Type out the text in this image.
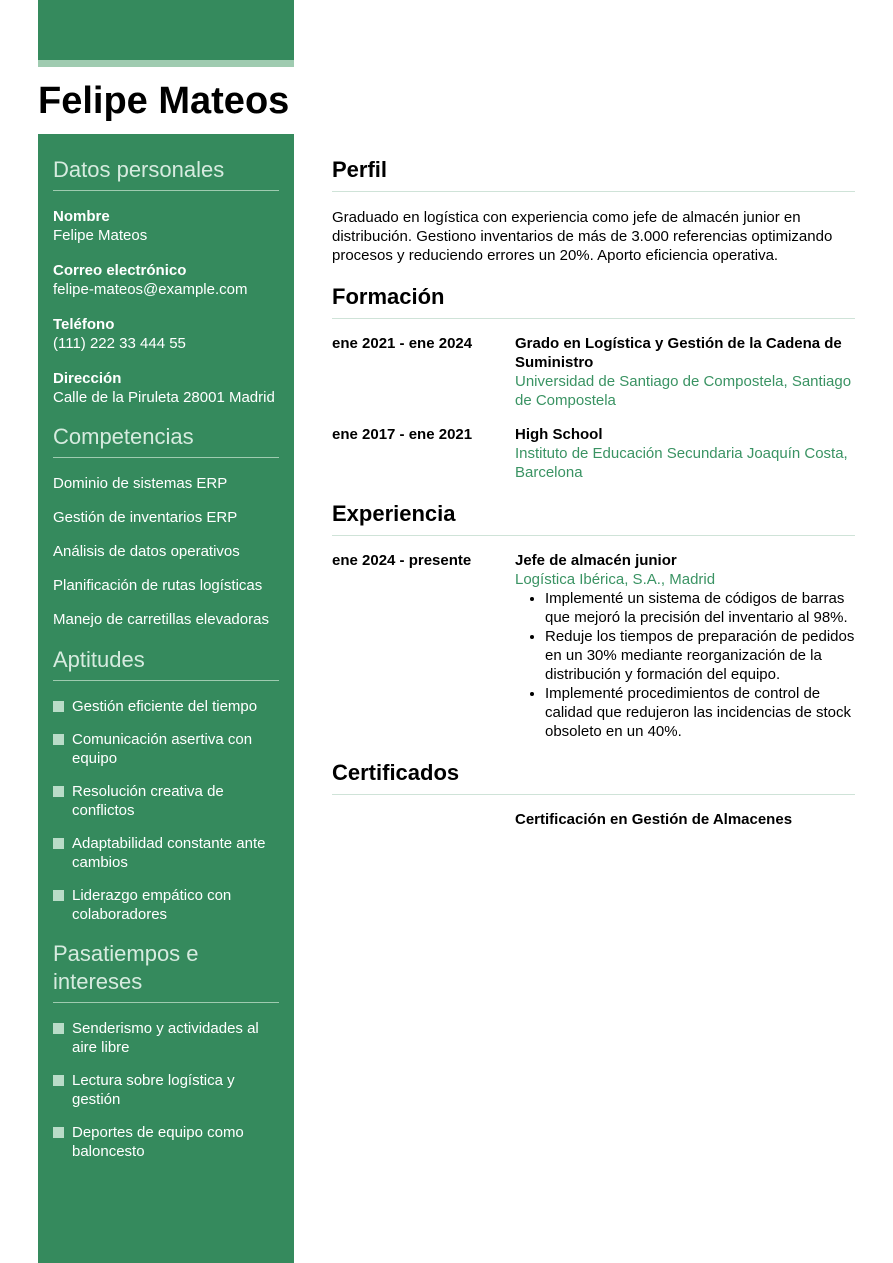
Felipe Mateos
Datos personales
Nombre
Felipe Mateos
Correo electrónico
felipe-mateos@example.com
Teléfono
(111) 222 33 444 55
Dirección
Calle de la Piruleta 28001 Madrid
Competencias
Dominio de sistemas ERP
Gestión de inventarios ERP
Análisis de datos operativos
Planificación de rutas logísticas
Manejo de carretillas elevadoras
Aptitudes
Gestión eficiente del tiempo
Comunicación asertiva con equipo
Resolución creativa de conflictos
Adaptabilidad constante ante cambios
Liderazgo empático con colaboradores
Pasatiempos e intereses
Senderismo y actividades al aire libre
Lectura sobre logística y gestión
Deportes de equipo como baloncesto
Perfil

Graduado en logística con experiencia como jefe de almacén junior en distribución. Gestiono inventarios de más de 3.000 referencias optimizando procesos y reduciendo errores un 20%. Aporto eficiencia operativa.

Formación
ene 2021 - ene 2024	Grado en Logística y Gestión de la Cadena de Suministro
Universidad de Santiago de Compostela, Santiago de Compostela
ene 2017 - ene 2021	High School
Instituto de Educación Secundaria Joaquín Costa, Barcelona
Experiencia
ene 2024 - presente	Jefe de almacén junior
Logística Ibérica, S.A., Madrid
• Implementé un sistema de códigos de barras que mejoró la precisión del inventario al 98%.
• Reduje los tiempos de preparación de pedidos en un 30% mediante reorganización de la distribución y formación del equipo.
• Implementé procedimientos de control de calidad que redujeron las incidencias de stock obsoleto en un 40%.
Certificados
Certificación en Gestión de Almacenes
